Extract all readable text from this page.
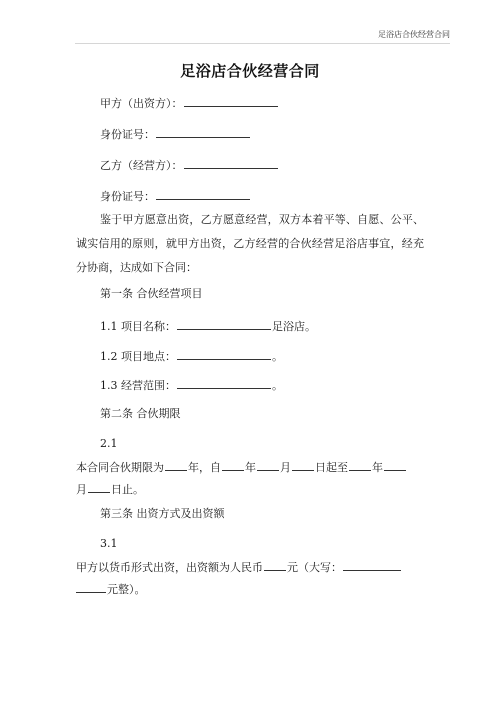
足浴店合伙经营合同
足浴店合伙经营合同
甲方（出资方）：
身份证号：
乙方（经营方）：
身份证号：
鉴于甲方愿意出资，乙方愿意经营，双方本着平等、自愿、公平、诚实信用的原则，就甲方出资，乙方经营的合伙经营足浴店事宜，经充分协商，达成如下合同：
第一条 合伙经营项目
1.1 项目名称：	足浴店。
1.2 项目地点：	。
1.3 经营范围：	。
第二条 合伙期限
2.1
本合同合伙期限为 年，自 年 月 日起至 年
月 日止。
第三条 出资方式及出资额
3.1
甲方以货币形式出资，出资额为人民币 元（大写：
元整）。
